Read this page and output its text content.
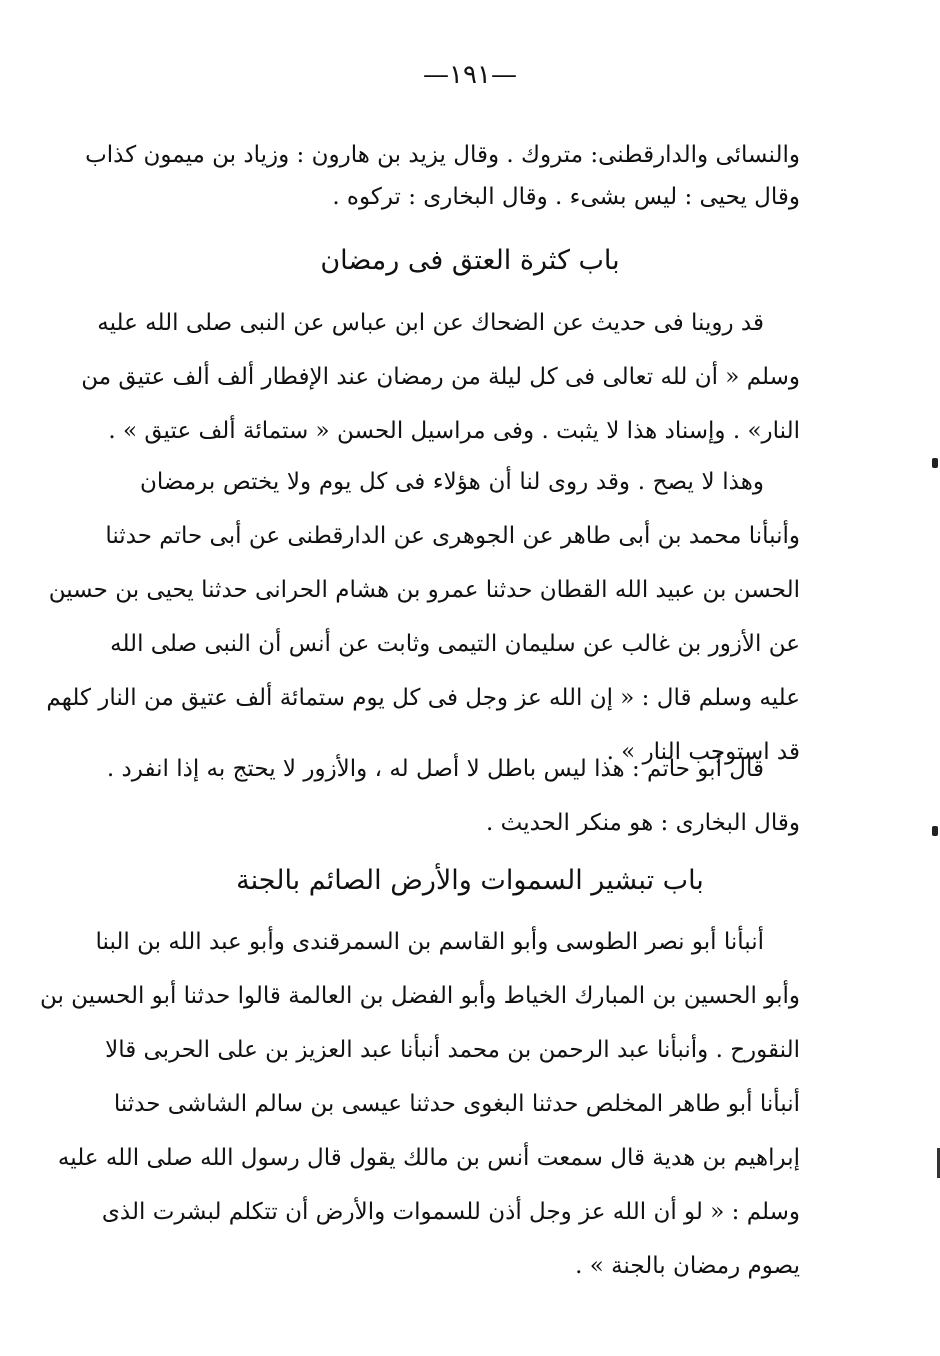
—١٩١—
والنسائى والدارقطنى: متروك . وقال يزيد بن هارون : وزياد بن ميمون كذاب
وقال يحيى : ليس بشىء . وقال البخارى : تركوه .
باب كثرة العتق فى رمضان
قد روينا فى حديث عن الضحاك عن ابن عباس عن النبى صلى الله عليه
وسلم « أن لله تعالى فى كل ليلة من رمضان عند الإفطار ألف ألف عتيق من
النار» . وإسناد هذا لا يثبت . وفى مراسيل الحسن « ستمائة ألف عتيق » .
وهذا لا يصح . وقد روى لنا أن هؤلاء فى كل يوم ولا يختص برمضان
وأنبأنا محمد بن أبى طاهر عن الجوهرى عن الدارقطنى عن أبى حاتم حدثنا
الحسن بن عبيد الله القطان حدثنا عمرو بن هشام الحرانى حدثنا يحيى بن حسين
عن الأزور بن غالب عن سليمان التيمى وثابت عن أنس أن النبى صلى الله
عليه وسلم قال : « إن الله عز وجل فى كل يوم ستمائة ألف عتيق من النار كلهم
قد استوجب النار » .
قال أبو حاتم : هذا ليس باطل لا أصل له ، والأزور لا يحتج به إذا انفرد .
وقال البخارى : هو منكر الحديث .
باب تبشير السموات والأرض الصائم بالجنة
أنبأنا أبو نصر الطوسى وأبو القاسم بن السمرقندى وأبو عبد الله بن البنا
وأبو الحسين بن المبارك الخياط وأبو الفضل بن العالمة قالوا حدثنا أبو الحسين بن
النقورح . وأنبأنا عبد الرحمن بن محمد أنبأنا عبد العزيز بن على الحربى قالا
أنبأنا أبو طاهر المخلص حدثنا البغوى حدثنا عيسى بن سالم الشاشى حدثنا
إبراهيم بن هدية قال سمعت أنس بن مالك يقول قال رسول الله صلى الله عليه
وسلم : « لو أن الله عز وجل أذن للسموات والأرض أن تتكلم لبشرت الذى
يصوم رمضان بالجنة » .
